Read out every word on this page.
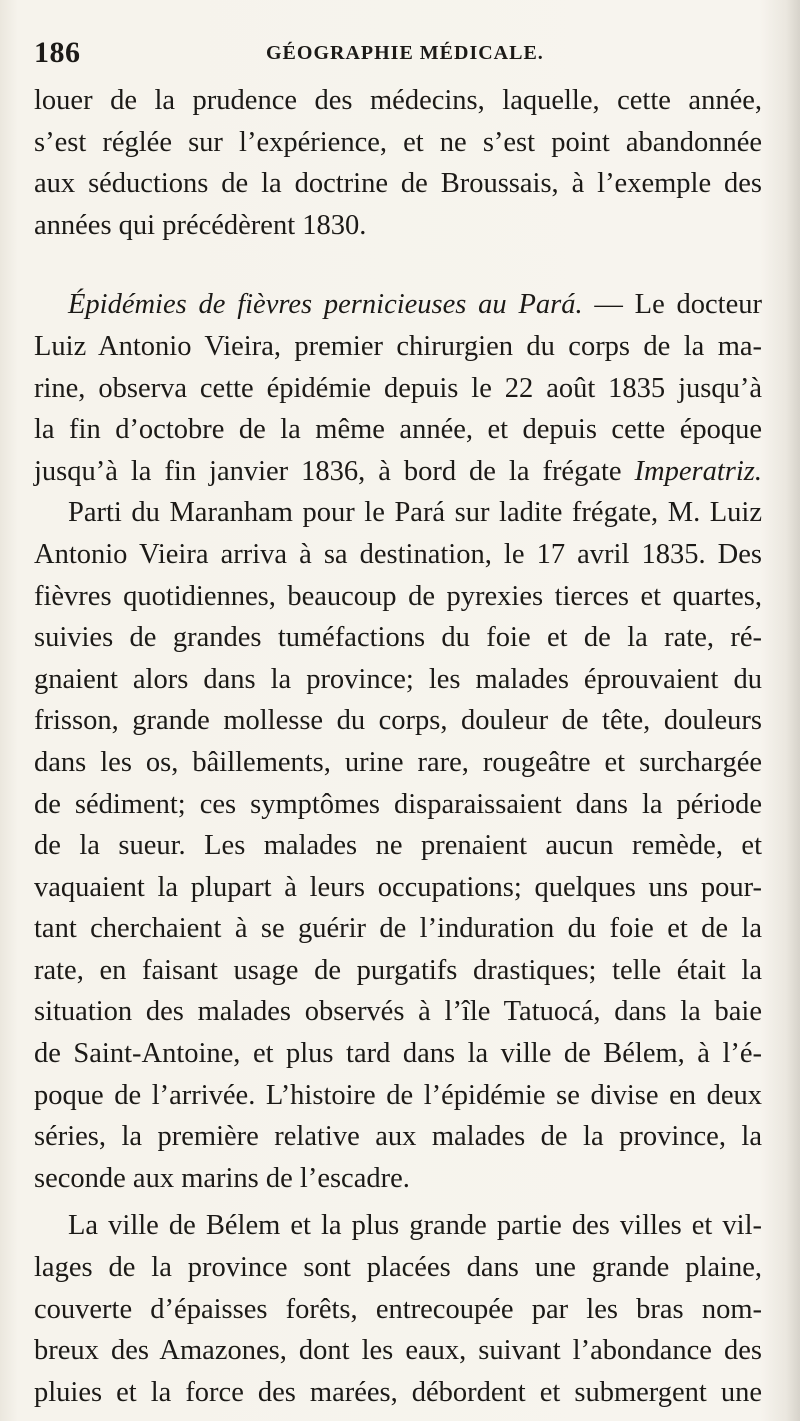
186	GÉOGRAPHIE MÉDICALE.
louer de la prudence des médecins, laquelle, cette année,
s’est réglée sur l’expérience, et ne s’est point abandonnée
aux séductions de la doctrine de Broussais, à l’exemple des
années qui précédèrent 1830.
Épidémies de fièvres pernicieuses au Pará. — Le docteur
Luiz Antonio Vieira, premier chirurgien du corps de la ma-
rine, observa cette épidémie depuis le 22 août 1835 jusqu’à
la fin d’octobre de la même année, et depuis cette époque
jusqu’à la fin janvier 1836, à bord de la frégate Imperatriz.
Parti du Maranham pour le Pará sur ladite frégate, M. Luiz
Antonio Vieira arriva à sa destination, le 17 avril 1835. Des
fièvres quotidiennes, beaucoup de pyrexies tierces et quartes,
suivies de grandes tuméfactions du foie et de la rate, ré-
gnaient alors dans la province; les malades éprouvaient du
frisson, grande mollesse du corps, douleur de tête, douleurs
dans les os, bâillements, urine rare, rougeâtre et surchargée
de sédiment; ces symptômes disparaissaient dans la période
de la sueur. Les malades ne prenaient aucun remède, et
vaquaient la plupart à leurs occupations; quelques uns pour-
tant cherchaient à se guérir de l’induration du foie et de la
rate, en faisant usage de purgatifs drastiques; telle était la
situation des malades observés à l’île Tatuocá, dans la baie
de Saint-Antoine, et plus tard dans la ville de Bélem, à l’é-
poque de l’arrivée. L’histoire de l’épidémie se divise en deux
séries, la première relative aux malades de la province, la
seconde aux marins de l’escadre.
La ville de Bélem et la plus grande partie des villes et vil-
lages de la province sont placées dans une grande plaine,
couverte d’épaisses forêts, entrecoupée par les bras nom-
breux des Amazones, dont les eaux, suivant l’abondance des
pluies et la force des marées, débordent et submergent une
